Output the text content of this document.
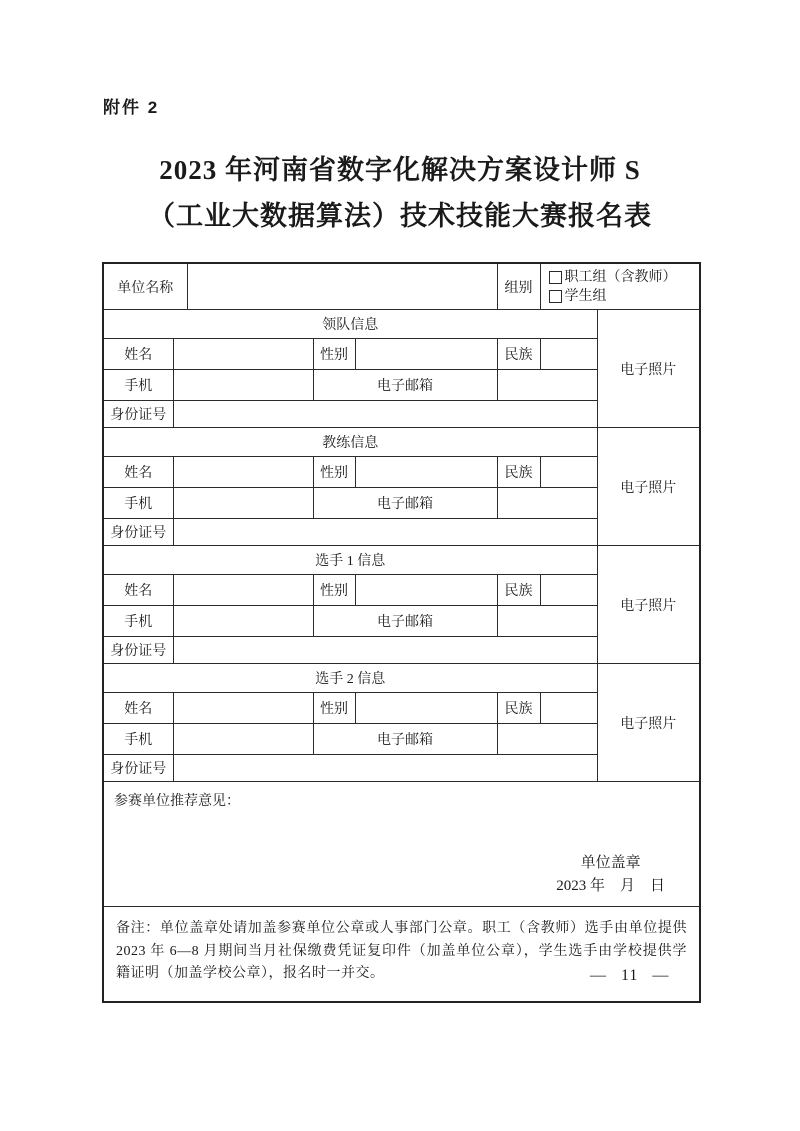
附件 2
2023 年河南省数字化解决方案设计师 S
（工业大数据算法）技术技能大赛报名表
单位名称					组别	职工组（含教师）
学生组	

领队信息							电子照片
姓名			性别		民族		
手机			电子邮箱				
身份证号							
教练信息							电子照片
姓名			性别		民族		
手机			电子邮箱				
身份证号							
选手 1 信息							电子照片
姓名			性别		民族		
手机			电子邮箱				
身份证号							
选手 2 信息							电子照片
姓名			性别		民族		
手机			电子邮箱				
身份证号							

参赛单位推荐意见：
单位盖章
2023 年　月　日							

备注：单位盖章处请加盖参赛单位公章或人事部门公章。职工（含教师）选手由单位提供 2023 年 6—8 月期间当月社保缴费凭证复印件（加盖单位公章），学生选手由学校提供学籍证明（加盖学校公章），报名时一并交。								— 11 —
